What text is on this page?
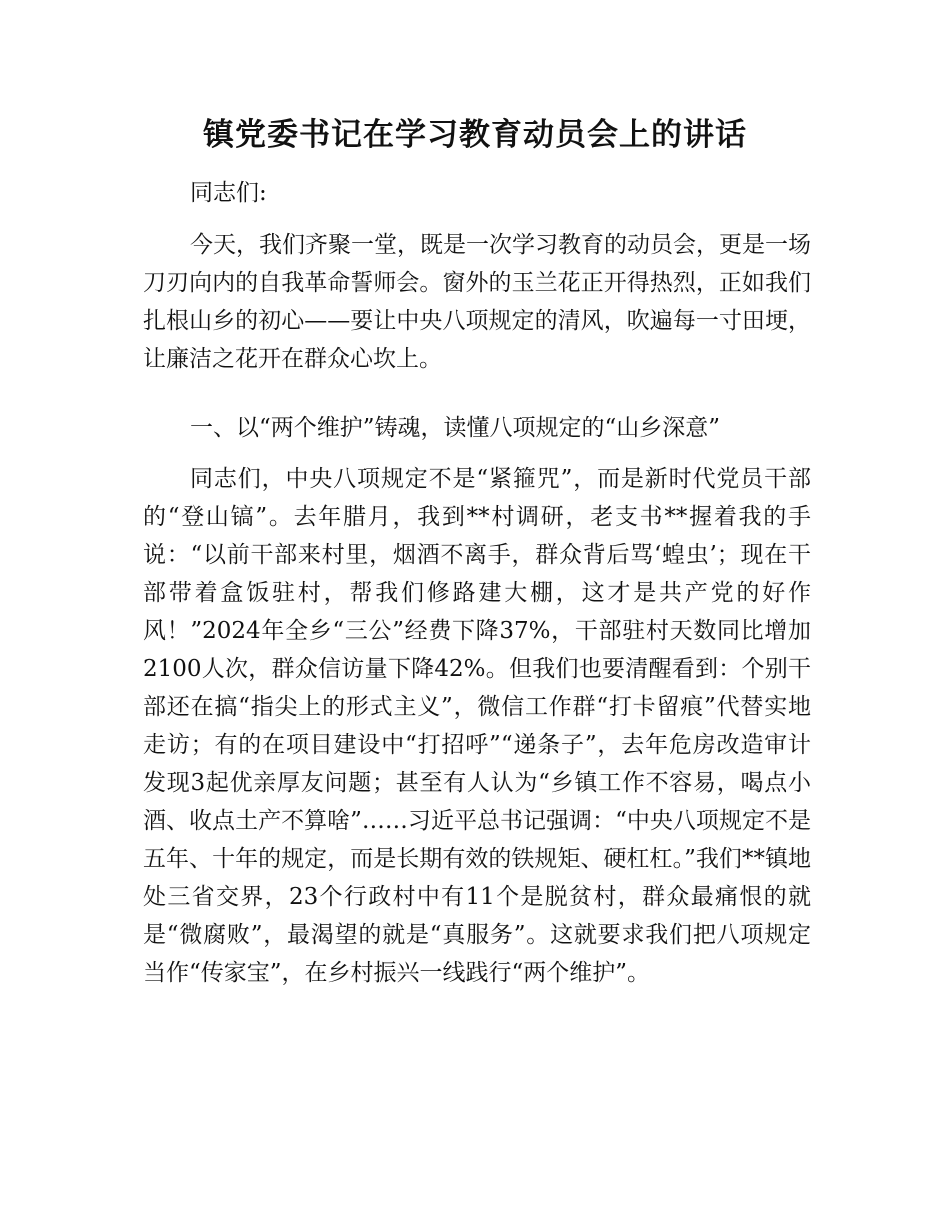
镇党委书记在学习教育动员会上的讲话

同志们:

今天，我们齐聚一堂，既是一次学习教育的动员会，更是一场刀刃向内的自我革命誓师会。窗外的玉兰花正开得热烈，正如我们扎根山乡的初心——要让中央八项规定的清风，吹遍每一寸田埂，让廉洁之花开在群众心坎上。

一、以“两个维护”铸魂，读懂八项规定的“山乡深意”

同志们，中央八项规定不是“紧箍咒”，而是新时代党员干部的“登山镐”。去年腊月，我到**村调研，老支书**握着我的手说：“以前干部来村里，烟酒不离手，群众背后骂‘蝗虫’；现在干部带着盒饭驻村，帮我们修路建大棚，这才是共产党的好作风！”2024年全乡“三公”经费下降37%，干部驻村天数同比增加2100人次，群众信访量下降42%。但我们也要清醒看到：个别干部还在搞“指尖上的形式主义”，微信工作群“打卡留痕”代替实地走访；有的在项目建设中“打招呼”“递条子”，去年危房改造审计发现3起优亲厚友问题；甚至有人认为“乡镇工作不容易，喝点小酒、收点土产不算啥”……习近平总书记强调：“中央八项规定不是五年、十年的规定，而是长期有效的铁规矩、硬杠杠。”我们**镇地处三省交界，23个行政村中有11个是脱贫村，群众最痛恨的就是“微腐败”，最渴望的就是“真服务”。这就要求我们把八项规定当作“传家宝”，在乡村振兴一线践行“两个维护”。
